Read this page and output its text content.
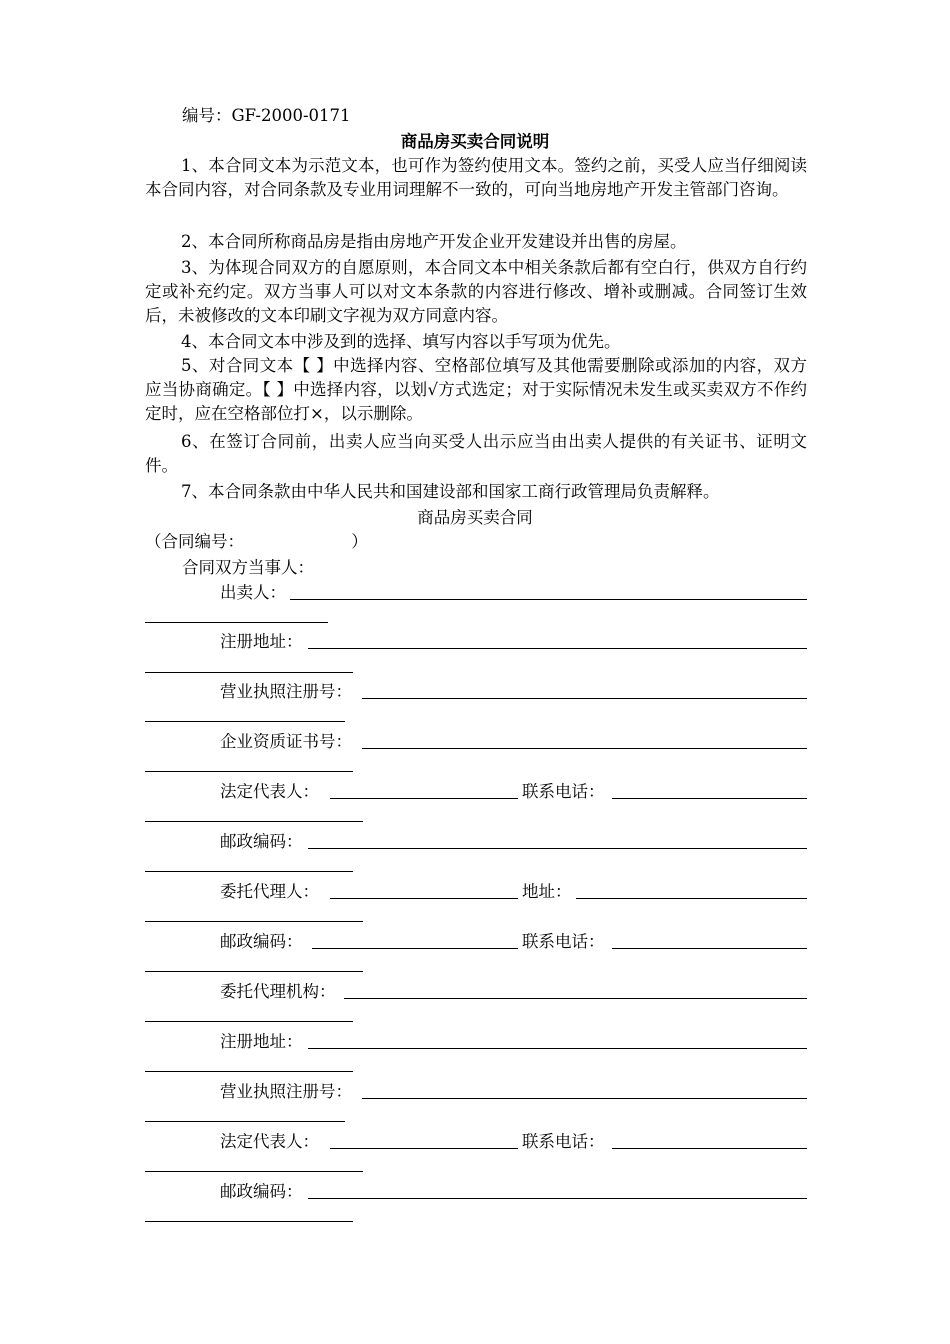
编号：GF-2000-0171
商品房买卖合同说明
1、本合同文本为示范文本，也可作为签约使用文本。签约之前，买受人应当仔细阅读本合同内容，对合同条款及专业用词理解不一致的，可向当地房地产开发主管部门咨询。
2、本合同所称商品房是指由房地产开发企业开发建设并出售的房屋。
3、为体现合同双方的自愿原则，本合同文本中相关条款后都有空白行，供双方自行约定或补充约定。双方当事人可以对文本条款的内容进行修改、增补或删减。合同签订生效后，未被修改的文本印刷文字视为双方同意内容。
4、本合同文本中涉及到的选择、填写内容以手写项为优先。
5、对合同文本【 】中选择内容、空格部位填写及其他需要删除或添加的内容，双方应当协商确定。【 】中选择内容，以划√方式选定；对于实际情况未发生或买卖双方不作约定时，应在空格部位打×，以示删除。
6、在签订合同前，出卖人应当向买受人出示应当由出卖人提供的有关证书、证明文件。
7、本合同条款由中华人民共和国建设部和国家工商行政管理局负责解释。
商品房买卖合同
（合同编号：　　　　　　　）
合同双方当事人：
出卖人：
注册地址：
营业执照注册号：
企业资质证书号：
法定代表人：	联系电话：
邮政编码：
委托代理人：	地址：
邮政编码：	联系电话：
委托代理机构：
注册地址：
营业执照注册号：
法定代表人：	联系电话：
邮政编码：
